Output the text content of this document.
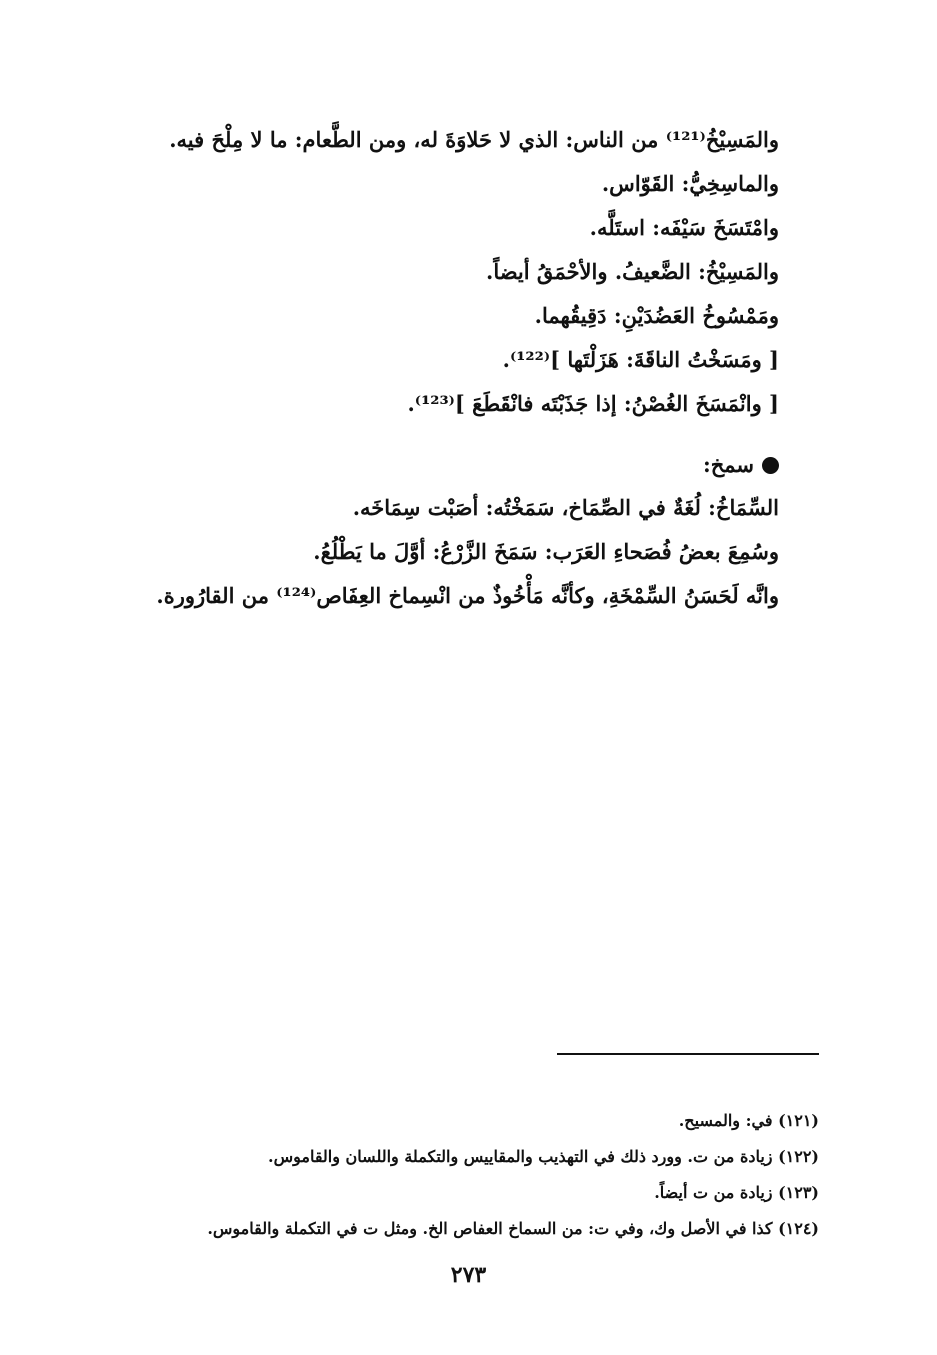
والمَسِيْخُ⁽¹²¹⁾ من الناس: الذي لا حَلاوَةَ له، ومن الطَّعام: ما لا مِلْحَ فيه.
والماسِخِيُّ: القَوّاس.
وامْتَسَخَ سَيْفَه: استَلَّه.
والمَسِيْخُ: الضَّعيفُ. والأحْمَقُ أيضاً.
ومَمْسُوخُ العَضُدَيْنِ: دَقِيقُهما.
[ ومَسَخْتُ الناقَةَ: هَزَلْتَها ]⁽¹²²⁾.
[ وانْمَسَخَ الغُصْنُ: إذا جَذَبْتَه فانْقَطَعَ ]⁽¹²³⁾.
سمخ:
السِّمَاخُ: لُغَةٌ في الصِّمَاخ، سَمَخْتُه: أصَبْت سِمَاخَه.
وسُمِعَ بعضُ فُصَحاءِ العَرَب: سَمَخَ الزَّرْعُ: أوَّلَ ما يَطْلُعُ.
وانَّه لَحَسَنُ السِّمْخَةِ، وكأنَّه مَأْخُوذٌ من انْسِماخ العِفَاص⁽¹²⁴⁾ من القارُورة.
(١٢١) في: والمسيح.
(١٢٢) زيادة من ت. وورد ذلك في التهذيب والمقاييس والتكملة واللسان والقاموس.
(١٢٣) زيادة من ت أيضاً.
(١٢٤) كذا في الأصل وك، وفي ت: من السماخ العفاص الخ. ومثل ت في التكملة والقاموس.
٢٧٣
